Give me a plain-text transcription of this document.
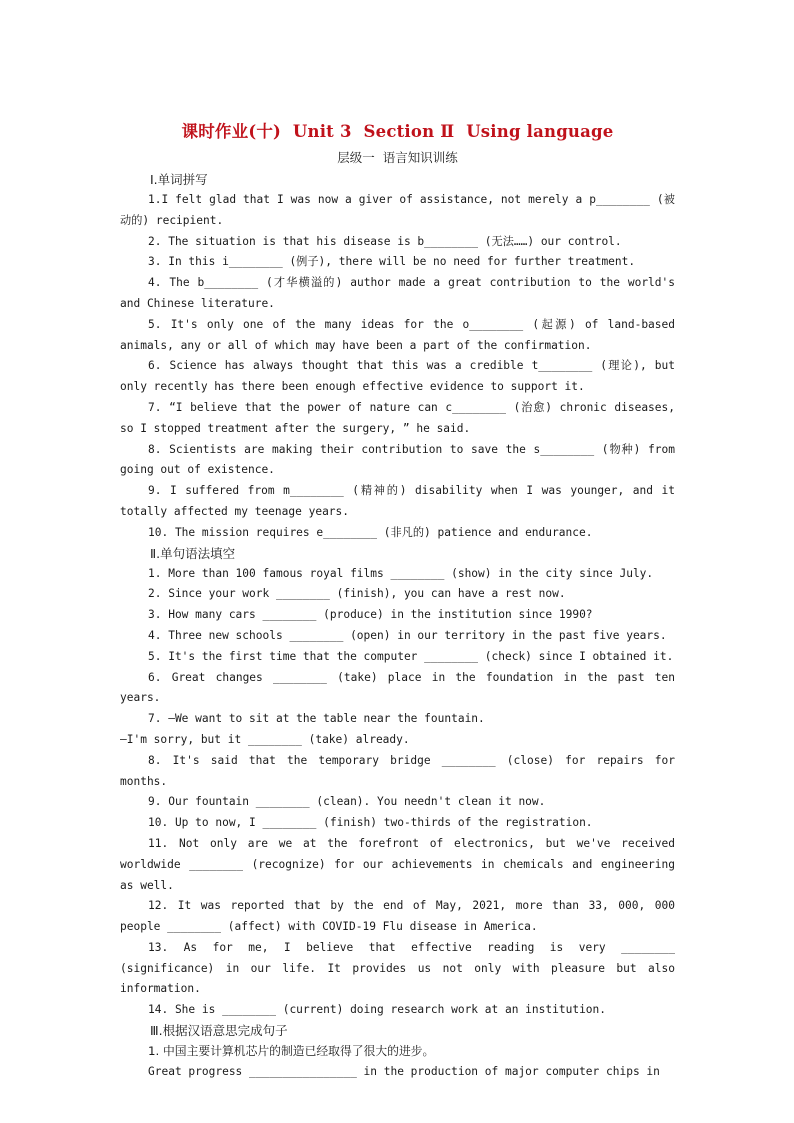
课时作业(十)  Unit 3  Section Ⅱ  Using language
层级一  语言知识训练
Ⅰ.单词拼写
1.I felt glad that I was now a giver of assistance, not merely a p________ (被动的) recipient.
2. The situation is that his disease is b________ (无法……) our control.
3. In this i________ (例子), there will be no need for further treatment.
4. The b________ (才华横溢的) author made a great contribution to the world's and Chinese literature.
5. It's only one of the many ideas for the o________ (起源) of land-based animals, any or all of which may have been a part of the confirmation.
6. Science has always thought that this was a credible t________ (理论), but only recently has there been enough effective evidence to support it.
7. “I believe that the power of nature can c________ (治愈) chronic diseases, so I stopped treatment after the surgery, ” he said.
8. Scientists are making their contribution to save the s________ (物种) from going out of existence.
9. I suffered from m________ (精神的) disability when I was younger, and it totally affected my teenage years.
10. The mission requires e________ (非凡的) patience and endurance.
Ⅱ.单句语法填空
1. More than 100 famous royal films ________ (show) in the city since July.
2. Since your work ________ (finish), you can have a rest now.
3. How many cars ________ (produce) in the institution since 1990?
4. Three new schools ________ (open) in our territory in the past five years.
5. It's the first time that the computer ________ (check) since I obtained it.
6. Great changes ________ (take) place in the foundation in the past ten years.
7. —We want to sit at the table near the fountain.
—I'm sorry, but it ________ (take) already.
8. It's said that the temporary bridge ________ (close) for repairs for months.
9. Our fountain ________ (clean). You needn't clean it now.
10. Up to now, I ________ (finish) two-thirds of the registration.
11. Not only are we at the forefront of electronics, but we've received worldwide ________ (recognize) for our achievements in chemicals and engineering as well.
12. It was reported that by the end of May, 2021, more than 33, 000, 000 people ________ (affect) with COVID-19 Flu disease in America.
13. As for me, I believe that effective reading is very ________ (significance) in our life. It provides us not only with pleasure but also information.
14. She is ________ (current) doing research work at an institution.
Ⅲ.根据汉语意思完成句子
1. 中国主要计算机芯片的制造已经取得了很大的进步。
Great progress ________________ in the production of major computer chips in
